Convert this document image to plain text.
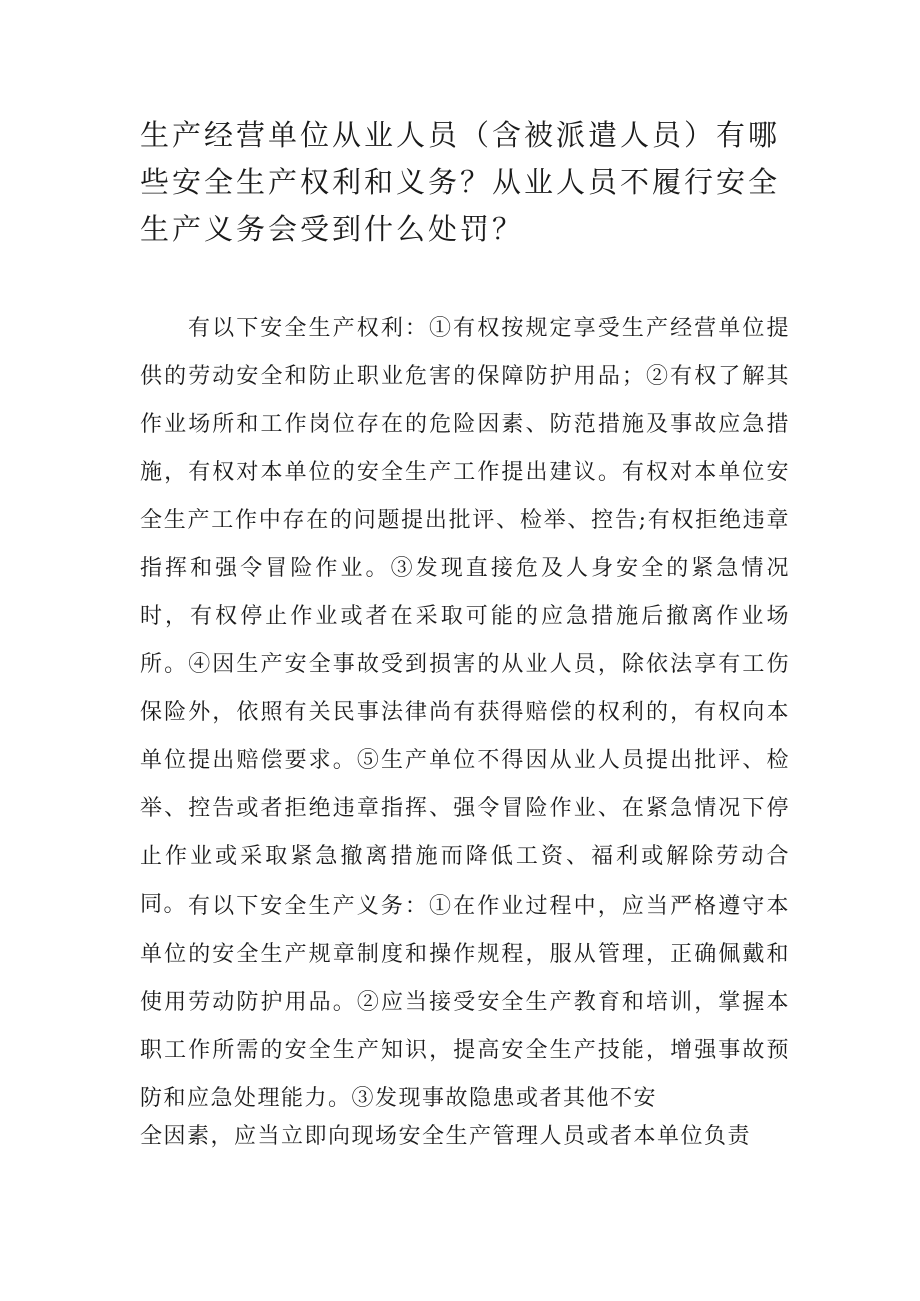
生产经营单位从业人员（含被派遣人员）有哪些安全生产权利和义务？从业人员不履行安全生产义务会受到什么处罚？

有以下安全生产权利：①有权按规定享受生产经营单位提供的劳动安全和防止职业危害的保障防护用品；②有权了解其作业场所和工作岗位存在的危险因素、防范措施及事故应急措施，有权对本单位的安全生产工作提出建议。有权对本单位安全生产工作中存在的问题提出批评、检举、控告;有权拒绝违章指挥和强令冒险作业。③发现直接危及人身安全的紧急情况时，有权停止作业或者在采取可能的应急措施后撤离作业场所。④因生产安全事故受到损害的从业人员，除依法享有工伤保险外，依照有关民事法律尚有获得赔偿的权利的，有权向本单位提出赔偿要求。⑤生产单位不得因从业人员提出批评、检举、控告或者拒绝违章指挥、强令冒险作业、在紧急情况下停止作业或采取紧急撤离措施而降低工资、福利或解除劳动合同。 有以下安全生产义务：①在作业过程中，应当严格遵守本单位的安全生产规章制度和操作规程，服从管理，正确佩戴和使用劳动防护用品。②应当接受安全生产教育和培训，掌握本职工作所需的安全生产知识，提高安全生产技能，增强事故预防和应急处理能力。③发现事故隐患或者其他不安

全因素，应当立即向现场安全生产管理人员或者本单位负责
